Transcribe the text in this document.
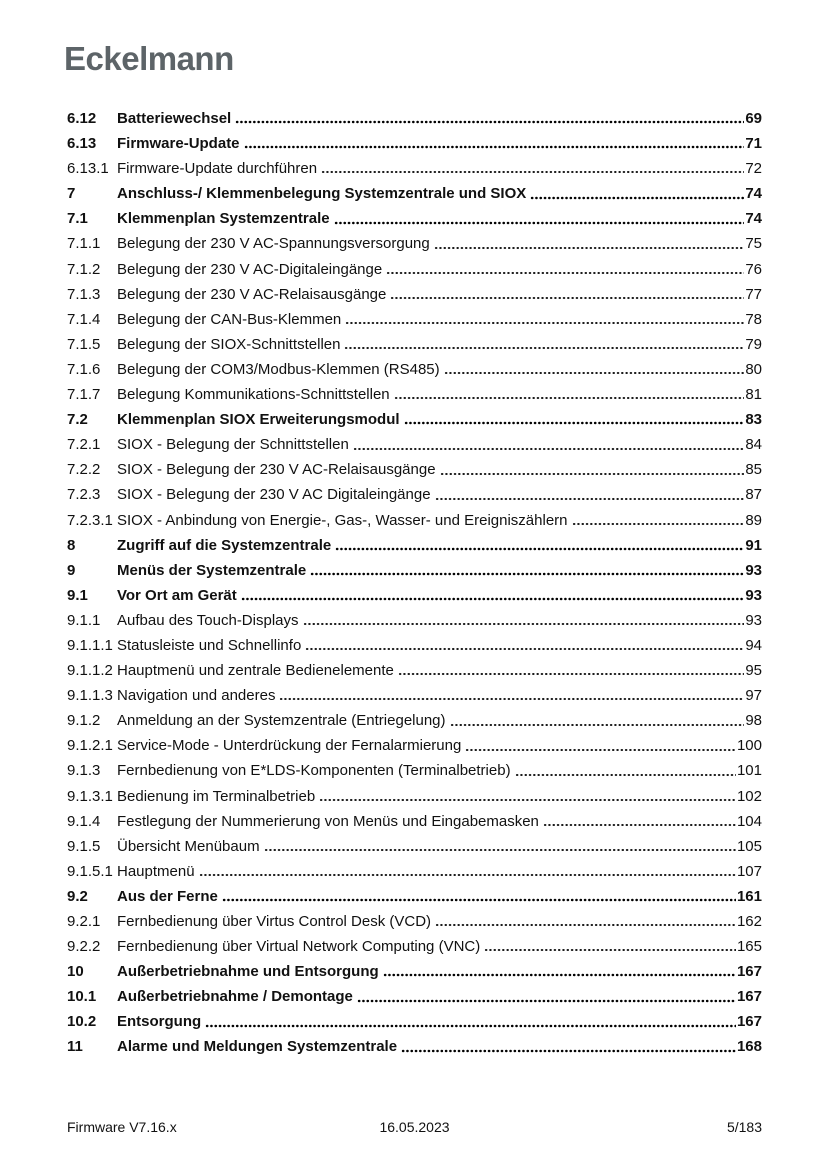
Eckelmann
6.12	Batteriewechsel	69
6.13	Firmware-Update	71
6.13.1 Firmware-Update durchführen	72
7	Anschluss-/ Klemmenbelegung Systemzentrale und SIOX	74
7.1	Klemmenplan Systemzentrale	74
7.1.1	Belegung der 230 V AC-Spannungsversorgung	75
7.1.2	Belegung der 230 V AC-Digitaleingänge	76
7.1.3	Belegung der 230 V AC-Relaisausgänge	77
7.1.4	Belegung der CAN-Bus-Klemmen	78
7.1.5	Belegung der SIOX-Schnittstellen	79
7.1.6	Belegung der COM3/Modbus-Klemmen (RS485)	80
7.1.7	Belegung Kommunikations-Schnittstellen	81
7.2	Klemmenplan SIOX Erweiterungsmodul	83
7.2.1	SIOX - Belegung der Schnittstellen	84
7.2.2	SIOX - Belegung der 230 V AC-Relaisausgänge	85
7.2.3	SIOX - Belegung der 230 V AC Digitaleingänge	87
7.2.3.1 SIOX - Anbindung von Energie-, Gas-, Wasser- und Ereigniszählern	89
8	Zugriff auf die Systemzentrale	91
9	Menüs der Systemzentrale	93
9.1	Vor Ort am Gerät	93
9.1.1	Aufbau des Touch-Displays	93
9.1.1.1 Statusleiste und Schnellinfo	94
9.1.1.2 Hauptmenü und zentrale Bedienelemente	95
9.1.1.3 Navigation und anderes	97
9.1.2	Anmeldung an der Systemzentrale (Entriegelung)	98
9.1.2.1 Service-Mode - Unterdrückung der Fernalarmierung	100
9.1.3	Fernbedienung von E*LDS-Komponenten (Terminalbetrieb)	101
9.1.3.1 Bedienung im Terminalbetrieb	102
9.1.4	Festlegung der Nummerierung von Menüs und Eingabemasken	104
9.1.5	Übersicht Menübaum	105
9.1.5.1 Hauptmenü	107
9.2	Aus der Ferne	161
9.2.1	Fernbedienung über Virtus Control Desk (VCD)	162
9.2.2	Fernbedienung über Virtual Network Computing (VNC)	165
10	Außerbetriebnahme und Entsorgung	167
10.1	Außerbetriebnahme / Demontage	167
10.2	Entsorgung	167
11	Alarme und Meldungen Systemzentrale	168
Firmware V7.16.x	16.05.2023	5/183
